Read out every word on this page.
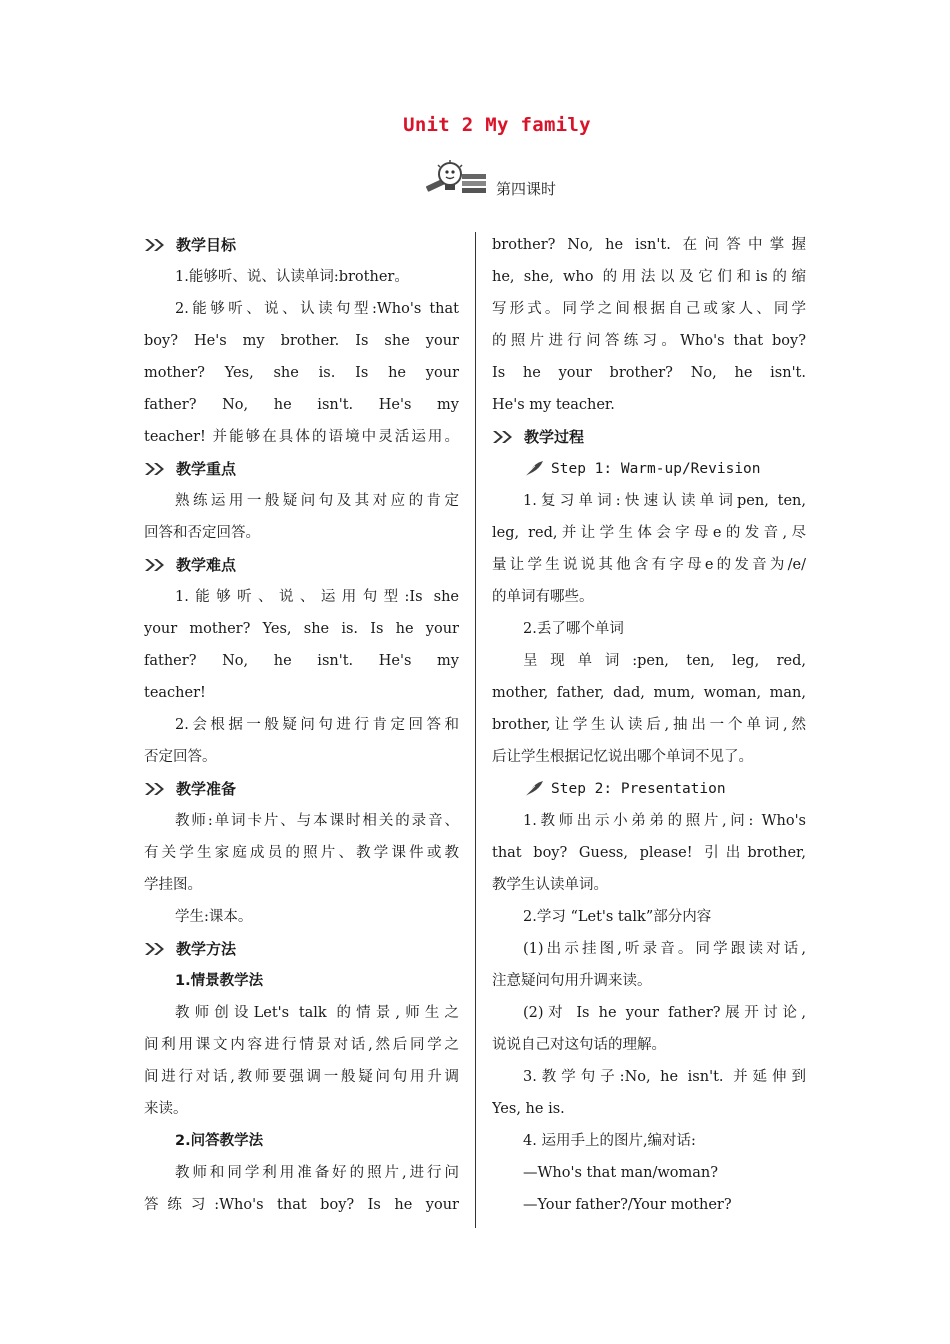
Unit 2 My family
第四课时
教学目标
1.能够听、说、认读单词:brother。
2.能够听、说、认读句型:Who's that
boy? He's my brother. Is she your
mother? Yes, she is. Is he your
father? No, he isn't. He's my
teacher! 并能够在具体的语境中灵活运用。
教学重点
熟练运用一般疑问句及其对应的肯定
回答和否定回答。
教学难点
1.能够听、说、运用句型:Is she
your mother? Yes, she is. Is he your
father? No, he isn't. He's my
teacher!
2.会根据一般疑问句进行肯定回答和
否定回答。
教学准备
教师:单词卡片、与本课时相关的录音、
有关学生家庭成员的照片、教学课件或教
学挂图。
学生:课本。
教学方法
1.情景教学法
教师创设Let's talk 的情景,师生之
间利用课文内容进行情景对话,然后同学之
间进行对话,教师要强调一般疑问句用升调
来读。
2.问答教学法
教师和同学利用准备好的照片,进行问
答练习:Who's that boy? Is he your
brother? No, he isn't. 在问答中掌握
he, she, who 的用法以及它们和is的缩
写形式。同学之间根据自己或家人、同学
的照片进行问答练习。Who's that boy?
Is he your brother? No, he isn't.
He's my teacher.
教学过程
Step 1: Warm-up/Revision
1.复习单词:快速认读单词pen, ten,
leg, red,并让学生体会字母e的发音,尽
量让学生说说其他含有字母e的发音为/e/
的单词有哪些。
2.丢了哪个单词
呈现单词:pen, ten, leg, red,
mother, father, dad, mum, woman, man,
brother,让学生认读后,抽出一个单词,然
后让学生根据记忆说出哪个单词不见了。
Step 2: Presentation
1.教师出示小弟弟的照片,问: Who's
that boy? Guess, please! 引出brother,
教学生认读单词。
2.学习 “Let's talk”部分内容
(1)出示挂图,听录音。同学跟读对话,
注意疑问句用升调来读。
(2)对 Is he your father?展开讨论,
说说自己对这句话的理解。
3.教学句子:No, he isn't. 并延伸到
Yes, he is.
4. 运用手上的图片,编对话:
—Who's that man/woman?
—Your father?/Your mother?
